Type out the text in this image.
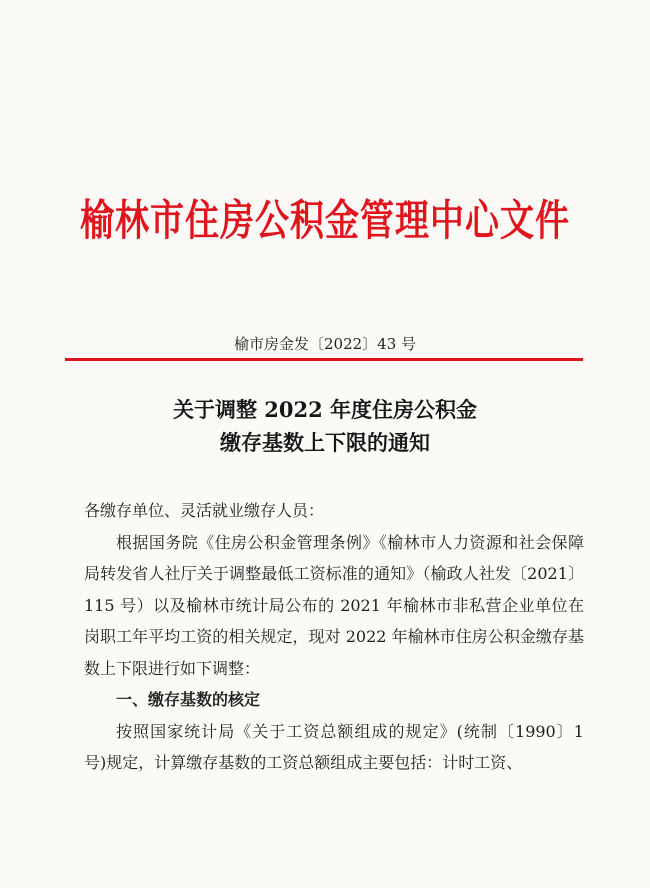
榆林市住房公积金管理中心文件
榆市房金发〔2022〕43 号
关于调整 2022 年度住房公积金
缴存基数上下限的通知

各缴存单位、灵活就业缴存人员：

根据国务院《住房公积金管理条例》《榆林市人力资源和社会保障局转发省人社厅关于调整最低工资标准的通知》（榆政人社发〔2021〕115 号）以及榆林市统计局公布的 2021 年榆林市非私营企业单位在岗职工年平均工资的相关规定，现对 2022 年榆林市住房公积金缴存基数上下限进行如下调整：

一、缴存基数的核定

按照国家统计局《关于工资总额组成的规定》(统制〔1990〕1 号)规定，计算缴存基数的工资总额组成主要包括：计时工资、
